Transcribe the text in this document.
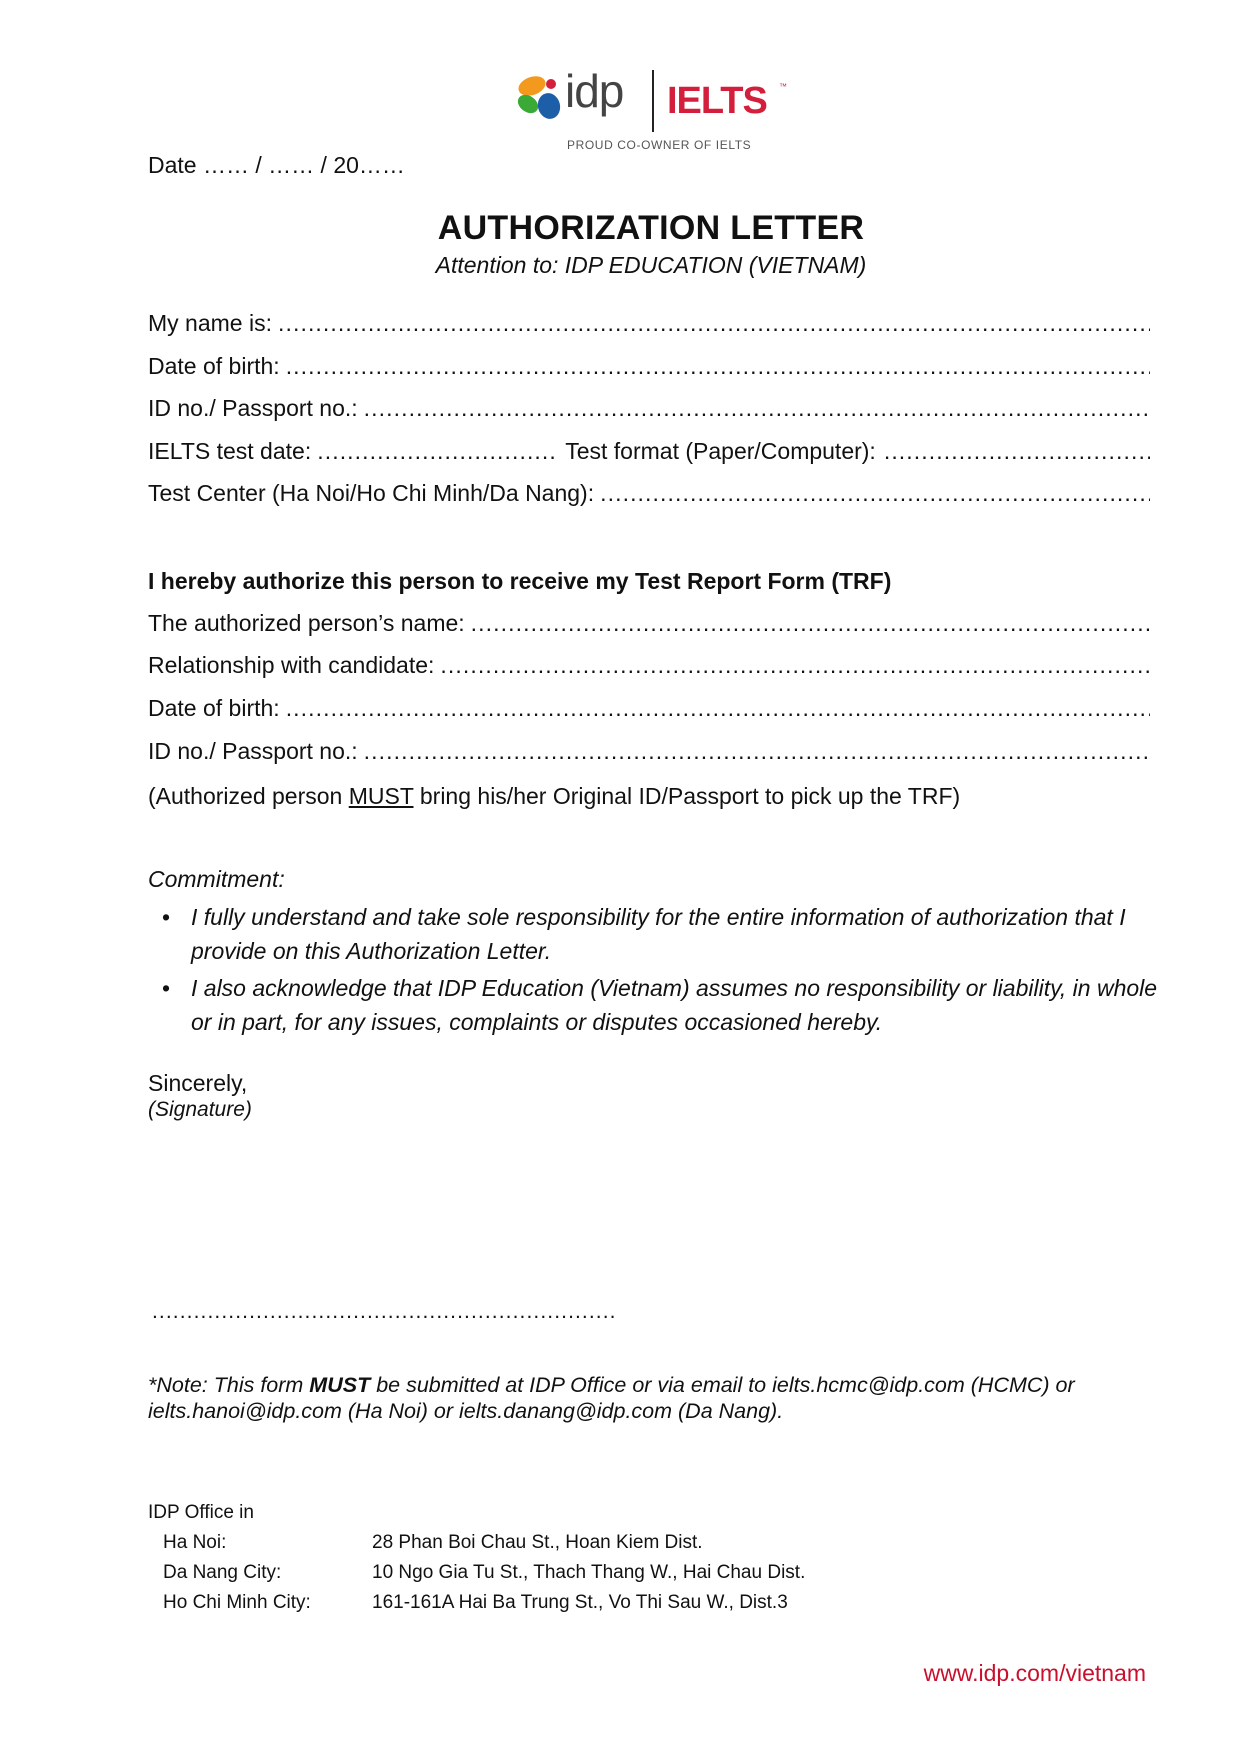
idp IELTS ™
PROUD CO-OWNER OF IELTS
Date …… / …… / 20……
AUTHORIZATION LETTER
Attention to: IDP EDUCATION (VIETNAM)
My name is:
.....
Date of birth:
.....
ID no./ Passport no.:
.....
IELTS test date:
.....	Test format (Paper/Computer):
.....
Test Center (Ha Noi/Ho Chi Minh/Da Nang):
.....
I hereby authorize this person to receive my Test Report Form (TRF)
The authorized person’s name:
.....
Relationship with candidate:
.....
Date of birth:
.....
ID no./ Passport no.:
.....
(Authorized person MUST bring his/her Original ID/Passport to pick up the TRF)
Commitment:
• I fully understand and take sole responsibility for the entire information of authorization that I provide on this Authorization Letter.
• I also acknowledge that IDP Education (Vietnam) assumes no responsibility or liability, in whole or in part, for any issues, complaints or disputes occasioned hereby.
Sincerely,
(Signature)
...................................................................
*Note: This form MUST be submitted at IDP Office or via email to ielts.hcmc@idp.com (HCMC) or ielts.hanoi@idp.com (Ha Noi) or ielts.danang@idp.com (Da Nang).
IDP Office in
Ha Noi:	28 Phan Boi Chau St., Hoan Kiem Dist.
Da Nang City:	10 Ngo Gia Tu St., Thach Thang W., Hai Chau Dist.
Ho Chi Minh City:	161-161A Hai Ba Trung St., Vo Thi Sau W., Dist.3
www.idp.com/vietnam
